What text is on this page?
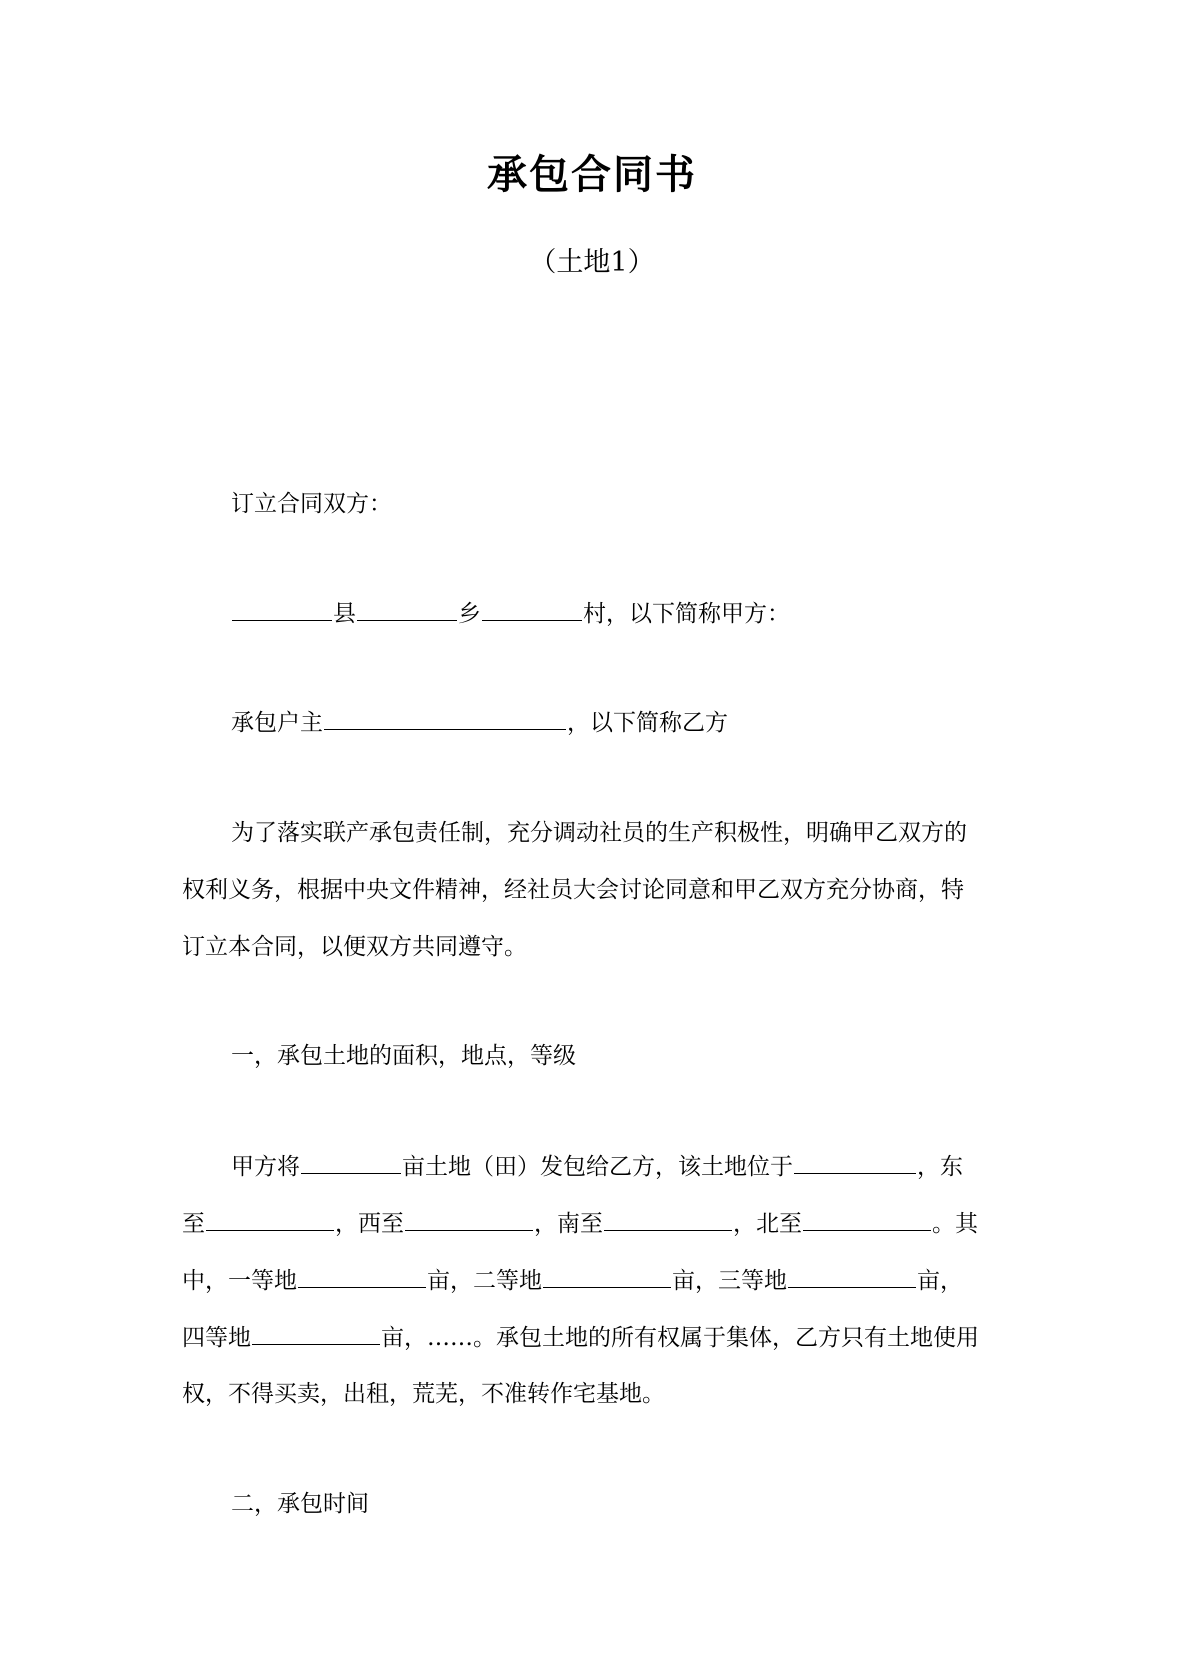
承包合同书
（土地1）
订立合同双方：
县	乡	村，以下简称甲方：
承包户主	，以下简称乙方
为了落实联产承包责任制，充分调动社员的生产积极性，明确甲乙双方的
权利义务，根据中央文件精神，经社员大会讨论同意和甲乙双方充分协商，特
订立本合同，以便双方共同遵守。
一，承包土地的面积，地点，等级
甲方将	亩土地（田）发包给乙方，该土地位于	，东
至	，西至	，南至	，北至	。其
中，一等地	亩，二等地	亩，三等地	亩，
四等地	亩，……。承包土地的所有权属于集体，乙方只有土地使用
权，不得买卖，出租，荒芜，不准转作宅基地。
二，承包时间
